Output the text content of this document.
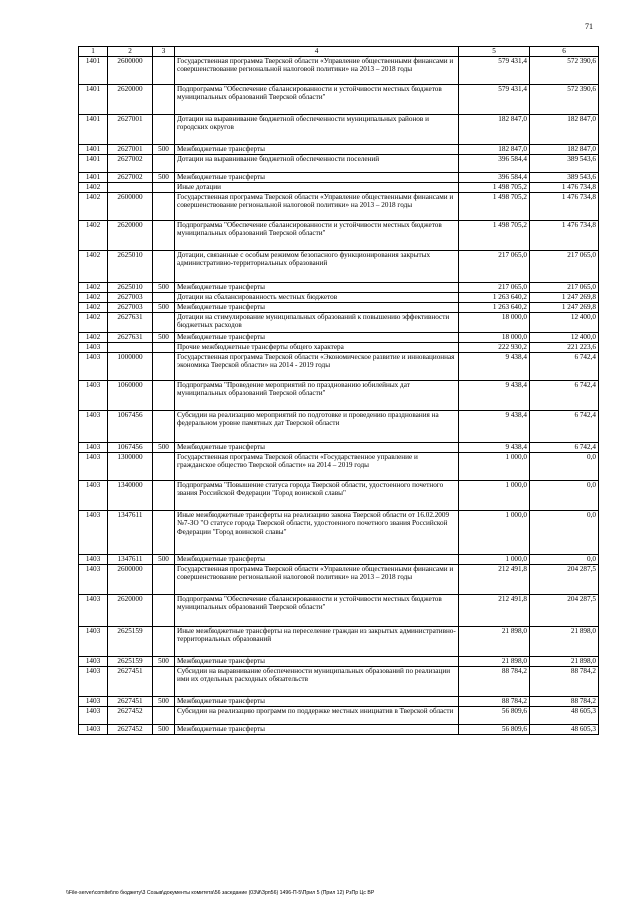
71
1	2	3	4	5	6
1401	2600000		Государственная программа Тверской области «Управление общественными финансами и совершенствование региональной налоговой политики» на 2013 – 2018 годы	579 431,4	572 390,6
1401	2620000		Подпрограмма "Обеспечение сбалансированности и устойчивости местных бюджетов муниципальных образований Тверской области"	579 431,4	572 390,6
1401	2627001		Дотации на выравнивание бюджетной обеспеченности муниципальных районов и городских округов	182 847,0	182 847,0
1401	2627001	500	Межбюджетные трансферты	182 847,0	182 847,0
1401	2627002		Дотации на выравнивание бюджетной обеспеченности поселений	396 584,4	389 543,6
1401	2627002	500	Межбюджетные трансферты	396 584,4	389 543,6
1402			Иные дотации	1 498 705,2	1 476 734,8
1402	2600000		Государственная программа Тверской области «Управление общественными финансами и совершенствование региональной налоговой политики» на 2013 – 2018 годы	1 498 705,2	1 476 734,8
1402	2620000		Подпрограмма "Обеспечение сбалансированности и устойчивости местных бюджетов муниципальных образований Тверской области"	1 498 705,2	1 476 734,8
1402	2625010		Дотации, связанные с особым режимом безопасного функционирования закрытых административно-территориальных образований	217 065,0	217 065,0
1402	2625010	500	Межбюджетные трансферты	217 065,0	217 065,0
1402	2627003		Дотации на сбалансированность местных бюджетов	1 263 640,2	1 247 269,8
1402	2627003	500	Межбюджетные трансферты	1 263 640,2	1 247 269,8
1402	2627631		Дотации на стимулирование муниципальных образований к повышению эффективности бюджетных расходов	18 000,0	12 400,0
1402	2627631	500	Межбюджетные трансферты	18 000,0	12 400,0
1403			Прочие межбюджетные трансферты общего характера	222 930,2	221 223,6
1403	1000000		Государственная программа Тверской области «Экономическое развитие и инновационная экономика Тверской области» на 2014 - 2019 годы	9 438,4	6 742,4
1403	1060000		Подпрограмма "Проведение мероприятий по празднованию юбилейных дат муниципальных образований Тверской области"	9 438,4	6 742,4
1403	1067456		Субсидии на реализацию мероприятий по подготовке и проведению празднования на федеральном уровне памятных дат Тверской области	9 438,4	6 742,4
1403	1067456	500	Межбюджетные трансферты	9 438,4	6 742,4
1403	1300000		Государственная программа Тверской области «Государственное управление и гражданское общество Тверской области» на 2014 – 2019 годы	1 000,0	0,0
1403	1340000		Подпрограмма "Повышение статуса города Тверской области, удостоенного почетного звания Российской Федерации "Город воинской славы"	1 000,0	0,0
1403	1347611		Иные межбюджетные трансферты на реализацию закона Тверской области от 16.02.2009 №7-ЗО "О статусе города Тверской области, удостоенного почетного звания Российской Федерации "Город воинской славы"	1 000,0	0,0
1403	1347611	500	Межбюджетные трансферты	1 000,0	0,0
1403	2600000		Государственная программа Тверской области «Управление общественными финансами и совершенствование региональной налоговой политики» на 2013 – 2018 годы	212 491,8	204 287,5
1403	2620000		Подпрограмма "Обеспечение сбалансированности и устойчивости местных бюджетов муниципальных образований Тверской области"	212 491,8	204 287,5
1403	2625159		Иные межбюджетные трансферты на переселение граждан из закрытых административно-территориальных образований	21 898,0	21 898,0
1403	2625159	500	Межбюджетные трансферты	21 898,0	21 898,0
1403	2627451		Субсидии на выравнивание обеспеченности муниципальных образований по реализации ими их отдельных расходных обязательств	88 784,2	88 784,2
1403	2627451	500	Межбюджетные трансферты	88 784,2	88 784,2
1403	2627452		Субсидии на реализацию программ по поддержке местных инициатив в Тверской области	56 809,6	48 605,3
1403	2627452	500	Межбюджетные трансферты	56 809,6	48 605,3
\\File-server\comitet\по бюджету\3 Созыв\документы комитета\56 заседание (03\й\Зрп56) 1496-П-5\Прил 5 (Прил 12) РзПр Цс ВР
